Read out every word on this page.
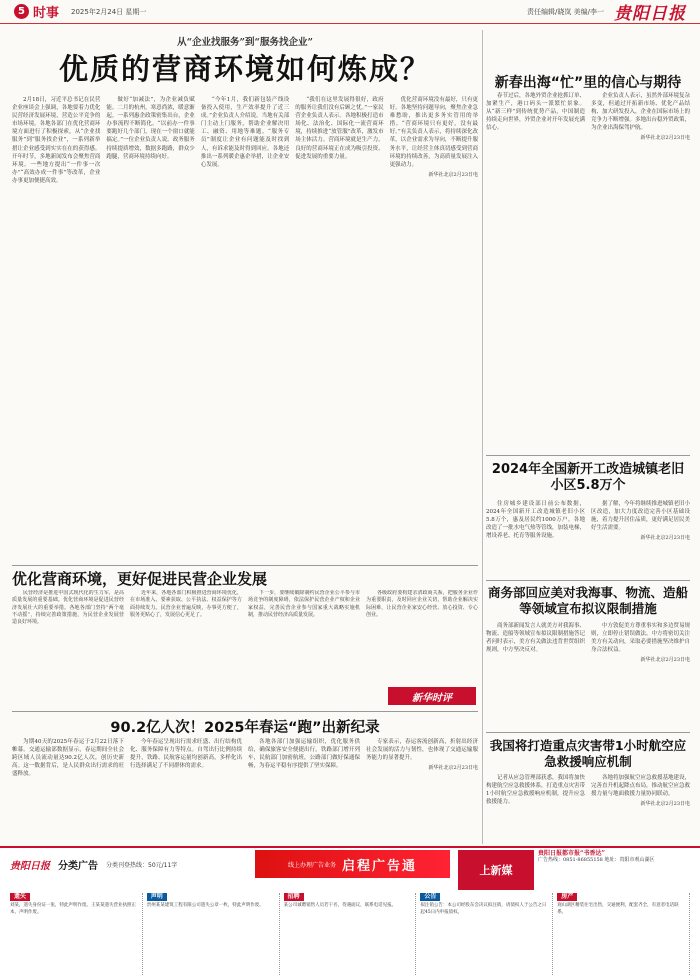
5 时事 2025年2月24日 星期一	责任编辑/晓岚 美编/李一 贵阳日报
从“企业找服务”到“服务找企业”
优质的营商环境如何炼成？

2月18日，习近平总书记在民营企业座谈会上强调，各地要着力优化民营经济发展环境，营造公平竞争的市场环境。各地各部门在优化营商环境方面进行了积极探索，从“企业找服务”到“服务找企业”，一系列新举措让企业感受到实实在在的获得感。开年时节，多地新闻发布会聚焦营商环境。一些地方提出“一件事一次办”“高效办成一件事”等改革，企业办事更加便捷高效。

做好“加减法”，为企业减负赋能。二月的杭州，寒意尚浓，暖意渐起。一系列惠企政策密集出台，企业办事流程不断简化。“以前办一件事要跑好几个部门，现在一个窗口就能搞定。”一位企业负责人说。政务服务持续提质增效，数据多跑路，群众少跑腿，营商环境持续向好。

“今年1月，我们新包装产线设备投入使用，生产效率提升了近三成。”企业负责人介绍说。当地有关部门主动上门服务，帮助企业解决用工、融资、用地等难题。“服务专员”制度让企业有问题能及时找到人，有诉求能及时得到回应。各地还推出一系列暖企惠企举措，让企业安心发展。

“我们在这里发展得很好，政府的服务让我们没有后顾之忧。”一家民营企业负责人表示。各地积极打造市场化、法治化、国际化一流营商环境，持续推进“放管服”改革，激发市场主体活力。营商环境就是生产力，良好的营商环境正在成为吸引投资、促进发展的重要力量。

优化营商环境没有最好，只有更好。各地坚持问题导向，聚焦企业急难愁盼，推出更多务实管用的举措。“营商环境只有更好，没有最好。”有关负责人表示，将持续深化改革，以企业需求为导向，不断提升服务水平，让经营主体真切感受到营商环境的持续改善，为高质量发展注入更强动力。

新华社北京2月23日电
优化营商环境，更好促进民营企业发展

民营经济是推进中国式现代化的生力军，是高质量发展的重要基础。优化营商环境是促进民营经济发展壮大的重要举措。各地各部门坚持“两个毫不动摇”，持续完善政策措施，为民营企业发展营造良好环境。

近年来，各地各部门积极推进营商环境优化，在市场准入、要素获取、公平执法、权益保护等方面持续发力。民营企业普遍反映，办事更方便了，服务更贴心了，发展信心更足了。

下一步，要继续破除制约民营企业公平参与市场竞争的制度障碍，依法保护民营企业产权和企业家权益，完善民营企业参与国家重大战略实施机制，推动民营经济高质量发展。

各级政府要构建亲清政商关系，把服务企业作为重要职责，及时回应企业关切，帮助企业解决实际困难，让民营企业家安心经营、放心投资、专心创业。

新华时评
90.2亿人次！2025年春运“跑”出新纪录

为期40天的2025年春运于2月22日落下帷幕。交通运输部数据显示，春运期间全社会跨区域人员流动量达90.2亿人次，创历史新高。这一数据背后，是人民群众出行需求的旺盛释放。

今年春运呈现出行需求旺盛、出行结构优化、服务保障有力等特点。自驾出行比例持续提升，铁路、民航客运量均创新高，多样化出行选择满足了不同群体的需求。

各地各部门加强运输组织，优化服务供给，确保旅客安全便捷出行。铁路部门增开列车，民航部门加密航班，公路部门做好保通保畅，为春运平稳有序提供了坚实保障。

专家表示，春运客流创新高，折射出经济社会发展的活力与韧性，也体现了交通运输服务能力的显著提升。

新华社北京2月23日电
新春出海“忙”里的信心与期待

春节过后，各地外贸企业抢抓订单、加紧生产，港口码头一派繁忙景象。从“新三样”到传统优势产品，中国制造持续走向世界，外贸企业对开年发展充满信心。

企业负责人表示，虽然外部环境复杂多变，但通过开拓新市场、优化产品结构、加大研发投入，企业在国际市场上的竞争力不断增强。多地出台稳外贸政策，为企业出海保驾护航。

新华社北京2月23日电
2024年全国新开工改造城镇老旧小区5.8万个

住房城乡建设部日前公布数据，2024年全国新开工改造城镇老旧小区5.8万个，惠及居民约1000万户。各地改造了一批水电气热等管线，加装电梯，增设养老、托育等服务设施。

据了解，今年将继续推进城镇老旧小区改造，加大力度改造完善小区基础设施，着力提升居住品质，更好满足居民美好生活需要。

新华社北京2月23日电
商务部回应美对我海事、物流、造船等领域宣布拟议限制措施

商务部新闻发言人就美方对我海事、物流、造船等领域宣布拟议限制措施答记者问时表示，美方有关做法违背世贸组织规则，中方坚决反对。

中方敦促美方尊重事实和多边贸易规则，立即停止错误做法。中方将密切关注美方有关动向，采取必要措施坚决维护自身合法权益。

新华社北京2月23日电
我国将打造重点灾害带1小时航空应急救援响应机制

记者从应急管理部获悉，我国将加快构建航空应急救援体系，打造重点灾害带1小时航空应急救援响应机制，提升应急救援能力。

各地将加强航空应急救援基地建设，完善直升机起降点布局，推动航空应急救援力量与地面救援力量协同联动。

新华社北京2月23日电
贵阳日报 分类广告 分类刊登热线：50元/11字	线上办理广告业务 启程广告通	上新媒
贵阳日报都市报“书香达”
广告热线：0851-86855158 地址：贵阳市观山湖区
遗失
刘某，遗失身份证一张，特此声明作废。王某某遗失营业执照正本，声明作废。
声明
贵州某某建筑工程有限公司遗失公章一枚，特此声明作废。
招聘
某公司诚聘销售人员若干名，待遇面议，联系电话见报。
公告
拟注销公告：本公司经股东会决议拟注销，请债权人于公告之日起45日内申报债权。
房产
观山湖区精装住宅出售，交通便利，配套齐全，有意者电话联系。
